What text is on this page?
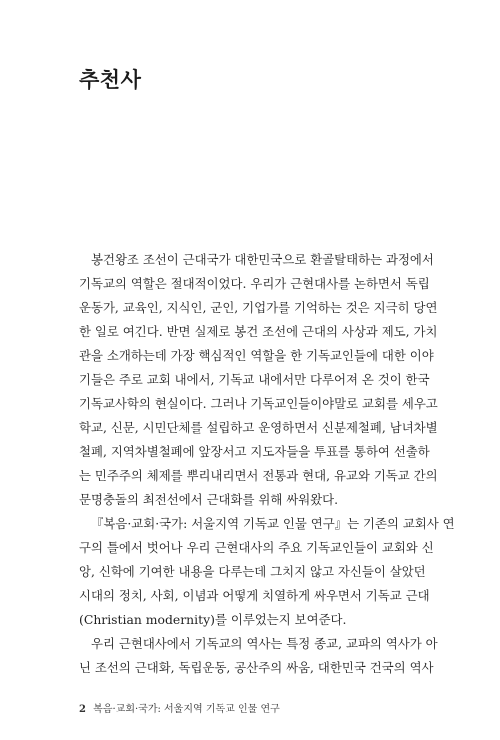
추천사
봉건왕조 조선이 근대국가 대한민국으로 환골탈태하는 과정에서
기독교의 역할은 절대적이었다. 우리가 근현대사를 논하면서 독립
운동가, 교육인, 지식인, 군인, 기업가를 기억하는 것은 지극히 당연
한 일로 여긴다. 반면 실제로 봉건 조선에 근대의 사상과 제도, 가치
관을 소개하는데 가장 핵심적인 역할을 한 기독교인들에 대한 이야
기들은 주로 교회 내에서, 기독교 내에서만 다루어져 온 것이 한국
기독교사학의 현실이다. 그러나 기독교인들이야말로 교회를 세우고
학교, 신문, 시민단체를 설립하고 운영하면서 신분제철폐, 남녀차별
철폐, 지역차별철폐에 앞장서고 지도자들을 투표를 통하여 선출하
는 민주주의 체제를 뿌리내리면서 전통과 현대, 유교와 기독교 간의
문명충돌의 최전선에서 근대화를 위해 싸워왔다.
『복음·교회·국가: 서울지역 기독교 인물 연구』는 기존의 교회사 연
구의 틀에서 벗어나 우리 근현대사의 주요 기독교인들이 교회와 신
앙, 신학에 기여한 내용을 다루는데 그치지 않고 자신들이 살았던
시대의 정치, 사회, 이념과 어떻게 치열하게 싸우면서 기독교 근대
(Christian modernity)를 이루었는지 보여준다.
우리 근현대사에서 기독교의 역사는 특정 종교, 교파의 역사가 아
닌 조선의 근대화, 독립운동, 공산주의 싸움, 대한민국 건국의 역사
2 복음·교회·국가: 서울지역 기독교 인물 연구
